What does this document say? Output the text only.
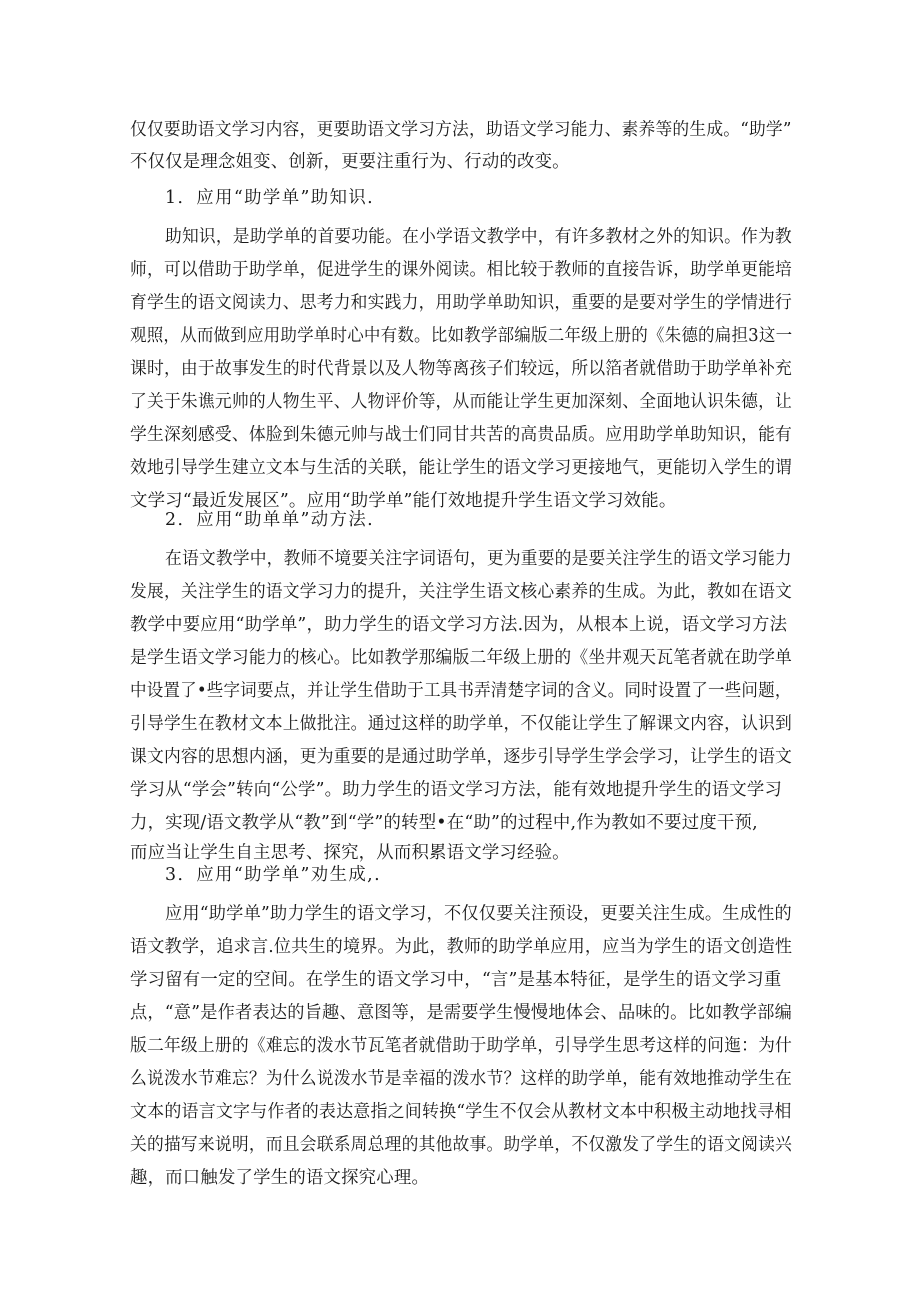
仅仅要助语文学习内容，更要助语文学习方法，助语文学习能力、素养等的生成。“助学”
不仅仅是理念姐变、创新，更要注重行为、行动的改变。
1．应用“助学单”助知识.
助知识，是助学单的首要功能。在小学语文教学中，有许多教材之外的知识。作为教
师，可以借助于助学单，促进学生的课外阅读。相比较于教师的直接告诉，助学单更能培
育学生的语文阅读力、思考力和实践力，用助学单助知识，重要的是要对学生的学情进行
观照，从而做到应用助学单时心中有数。比如教学部编版二年级上册的《朱德的扁担3这一
课时，由于故事发生的时代背景以及人物等离孩子们较远，所以箔者就借助于助学单补充
了关于朱谯元帅的人物生平、人物评价等，从而能让学生更加深刻、全面地认识朱德，让
学生深刻感受、体脸到朱德元帅与战士们同甘共苦的高贵品质。应用助学单助知识，能有
效地引导学生建立文本与生活的关联，能让学生的语文学习更接地气，更能切入学生的谓
文学习“最近发展区”。应用“助学单”能仃效地提升学生语文学习效能。
2．应用“助单单”动方法.
在语文教学中，教师不境要关注字词语句，更为重要的是要关注学生的语文学习能力
发展，关注学生的语文学习力的提升，关注学生语文核心素养的生成。为此，教如在语文
教学中要应用“助学单”，助力学生的语文学习方法.因为，从根本上说，语文学习方法
是学生语文学习能力的核心。比如教学那编版二年级上册的《坐井观天瓦笔者就在助学单
中设置了•些字词要点，并让学生借助于工具书弄清楚字词的含义。同时设置了一些问题，
引导学生在教材文本上做批注。通过这样的助学单，不仅能让学生了解课文内容，认识到
课文内容的思想内涵，更为重要的是通过助学单，逐步引导学生学会学习，让学生的语文
学习从“学会”转向“公学”。助力学生的语文学习方法，能有效地提升学生的语文学习
力，实现/语文教学从“教”到“学”的转型•在“助”的过程中,作为教如不要过度干预,
而应当让学生自主思考、探究，从而积累语文学习经验。
3．应用“助学单”劝生成,.
应用“助学单”助力学生的语文学习，不仅仅要关注预设，更要关注生成。生成性的
语文教学，追求言.位共生的境界。为此，教师的助学单应用，应当为学生的语文创造性
学习留有一定的空间。在学生的语文学习中，“言”是基本特征，是学生的语文学习重
点，“意”是作者表达的旨趣、意图等，是需要学生慢慢地体会、品味的。比如教学部编
版二年级上册的《难忘的泼水节瓦笔者就借助于助学单，引导学生思考这样的问迤：为什
么说泼水节难忘？为什么说泼水节是幸福的泼水节？这样的助学单，能有效地推动学生在
文本的语言文字与作者的表达意指之间转换“学生不仅会从教材文本中积极主动地找寻相
关的描写来说明，而且会联系周总理的其他故事。助学单，不仅激发了学生的语文阅读兴
趣，而口触发了学生的语文探究心理。
